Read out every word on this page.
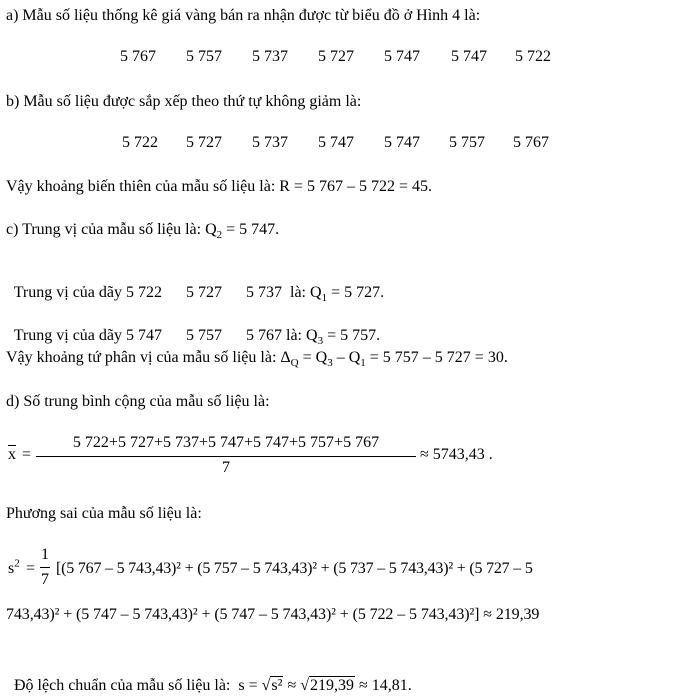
a) Mẫu số liệu thống kê giá vàng bán ra nhận được từ biểu đồ ở Hình 4 là:
5 767 5 757 5 737 5 727 5 747 5 747 5 722
b) Mẫu số liệu được sắp xếp theo thứ tự không giảm là:
5 722 5 727 5 737 5 747 5 747 5 757 5 767
Vậy khoảng biến thiên của mẫu số liệu là: R = 5 767 – 5 722 = 45.
c) Trung vị của mẫu số liệu là: $Q_2 = 5$ 747.

Trung vị của dãy 5 722      5 727      5 737  là: $Q_1 = 5$ 727.

Trung vị của dãy 5 747      5 757      5 767 là: $Q_3 = 5$ 757.

Vậy khoảng tứ phân vị của mẫu số liệu là: $\Delta_Q = Q_3 - Q_1 = 5$ 757 – 5 727 = 30.
d) Số trung bình cộng của mẫu số liệu là:
$\overline{x}$ =
5 722+5 727+5 737+5 747+5 747+5 757+5 767
7
≈ 5743,43 .
Phương sai của mẫu số liệu là:
$s^2$ =
1
7
[(5 767 – 5 743,43)² + (5 757 – 5 743,43)² + (5 737 – 5 743,43)² + (5 727 – 5
743,43)² + (5 747 – 5 743,43)² + (5 747 – 5 743,43)² + (5 722 – 5 743,43)²] ≈ 219,39

Độ lệch chuẩn của mẫu số liệu là:  s = √s² ≈ √219,39 ≈ 14,81.
